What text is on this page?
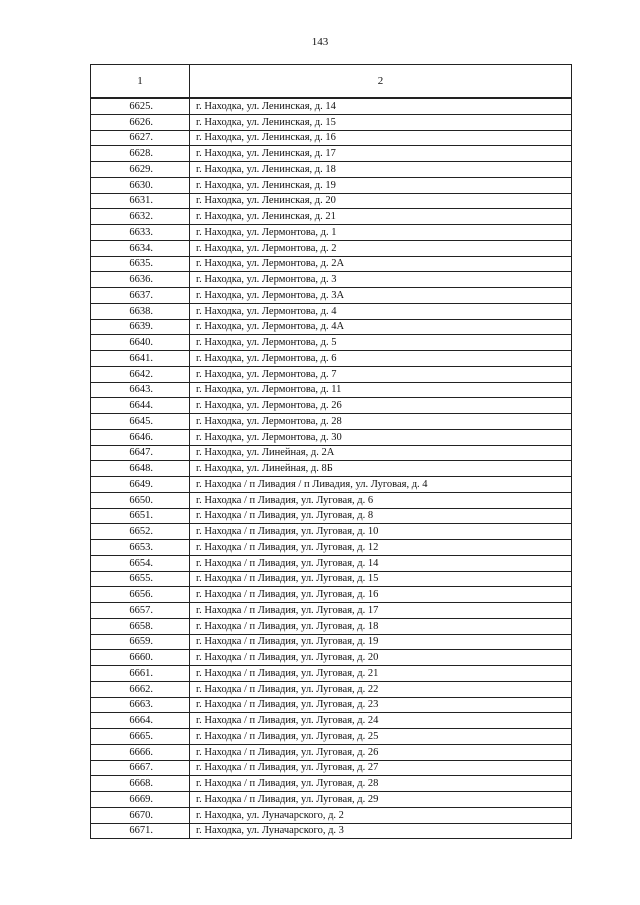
143
1	2
6625.	г. Находка, ул. Ленинская, д. 14
6626.	г. Находка, ул. Ленинская, д. 15
6627.	г. Находка, ул. Ленинская, д. 16
6628.	г. Находка, ул. Ленинская, д. 17
6629.	г. Находка, ул. Ленинская, д. 18
6630.	г. Находка, ул. Ленинская, д. 19
6631.	г. Находка, ул. Ленинская, д. 20
6632.	г. Находка, ул. Ленинская, д. 21
6633.	г. Находка, ул. Лермонтова, д. 1
6634.	г. Находка, ул. Лермонтова, д. 2
6635.	г. Находка, ул. Лермонтова, д. 2А
6636.	г. Находка, ул. Лермонтова, д. 3
6637.	г. Находка, ул. Лермонтова, д. 3А
6638.	г. Находка, ул. Лермонтова, д. 4
6639.	г. Находка, ул. Лермонтова, д. 4А
6640.	г. Находка, ул. Лермонтова, д. 5
6641.	г. Находка, ул. Лермонтова, д. 6
6642.	г. Находка, ул. Лермонтова, д. 7
6643.	г. Находка, ул. Лермонтова, д. 11
6644.	г. Находка, ул. Лермонтова, д. 26
6645.	г. Находка, ул. Лермонтова, д. 28
6646.	г. Находка, ул. Лермонтова, д. 30
6647.	г. Находка, ул. Линейная, д. 2А
6648.	г. Находка, ул. Линейная, д. 8Б
6649.	г. Находка / п Ливадия / п Ливадия, ул. Луговая, д. 4
6650.	г. Находка / п Ливадия, ул. Луговая, д. 6
6651.	г. Находка / п Ливадия, ул. Луговая, д. 8
6652.	г. Находка / п Ливадия, ул. Луговая, д. 10
6653.	г. Находка / п Ливадия, ул. Луговая, д. 12
6654.	г. Находка / п Ливадия, ул. Луговая, д. 14
6655.	г. Находка / п Ливадия, ул. Луговая, д. 15
6656.	г. Находка / п Ливадия, ул. Луговая, д. 16
6657.	г. Находка / п Ливадия, ул. Луговая, д. 17
6658.	г. Находка / п Ливадия, ул. Луговая, д. 18
6659.	г. Находка / п Ливадия, ул. Луговая, д. 19
6660.	г. Находка / п Ливадия, ул. Луговая, д. 20
6661.	г. Находка / п Ливадия, ул. Луговая, д. 21
6662.	г. Находка / п Ливадия, ул. Луговая, д. 22
6663.	г. Находка / п Ливадия, ул. Луговая, д. 23
6664.	г. Находка / п Ливадия, ул. Луговая, д. 24
6665.	г. Находка / п Ливадия, ул. Луговая, д. 25
6666.	г. Находка / п Ливадия, ул. Луговая, д. 26
6667.	г. Находка / п Ливадия, ул. Луговая, д. 27
6668.	г. Находка / п Ливадия, ул. Луговая, д. 28
6669.	г. Находка / п Ливадия, ул. Луговая, д. 29
6670.	г. Находка, ул. Луначарского, д. 2
6671.	г. Находка, ул. Луначарского, д. 3
